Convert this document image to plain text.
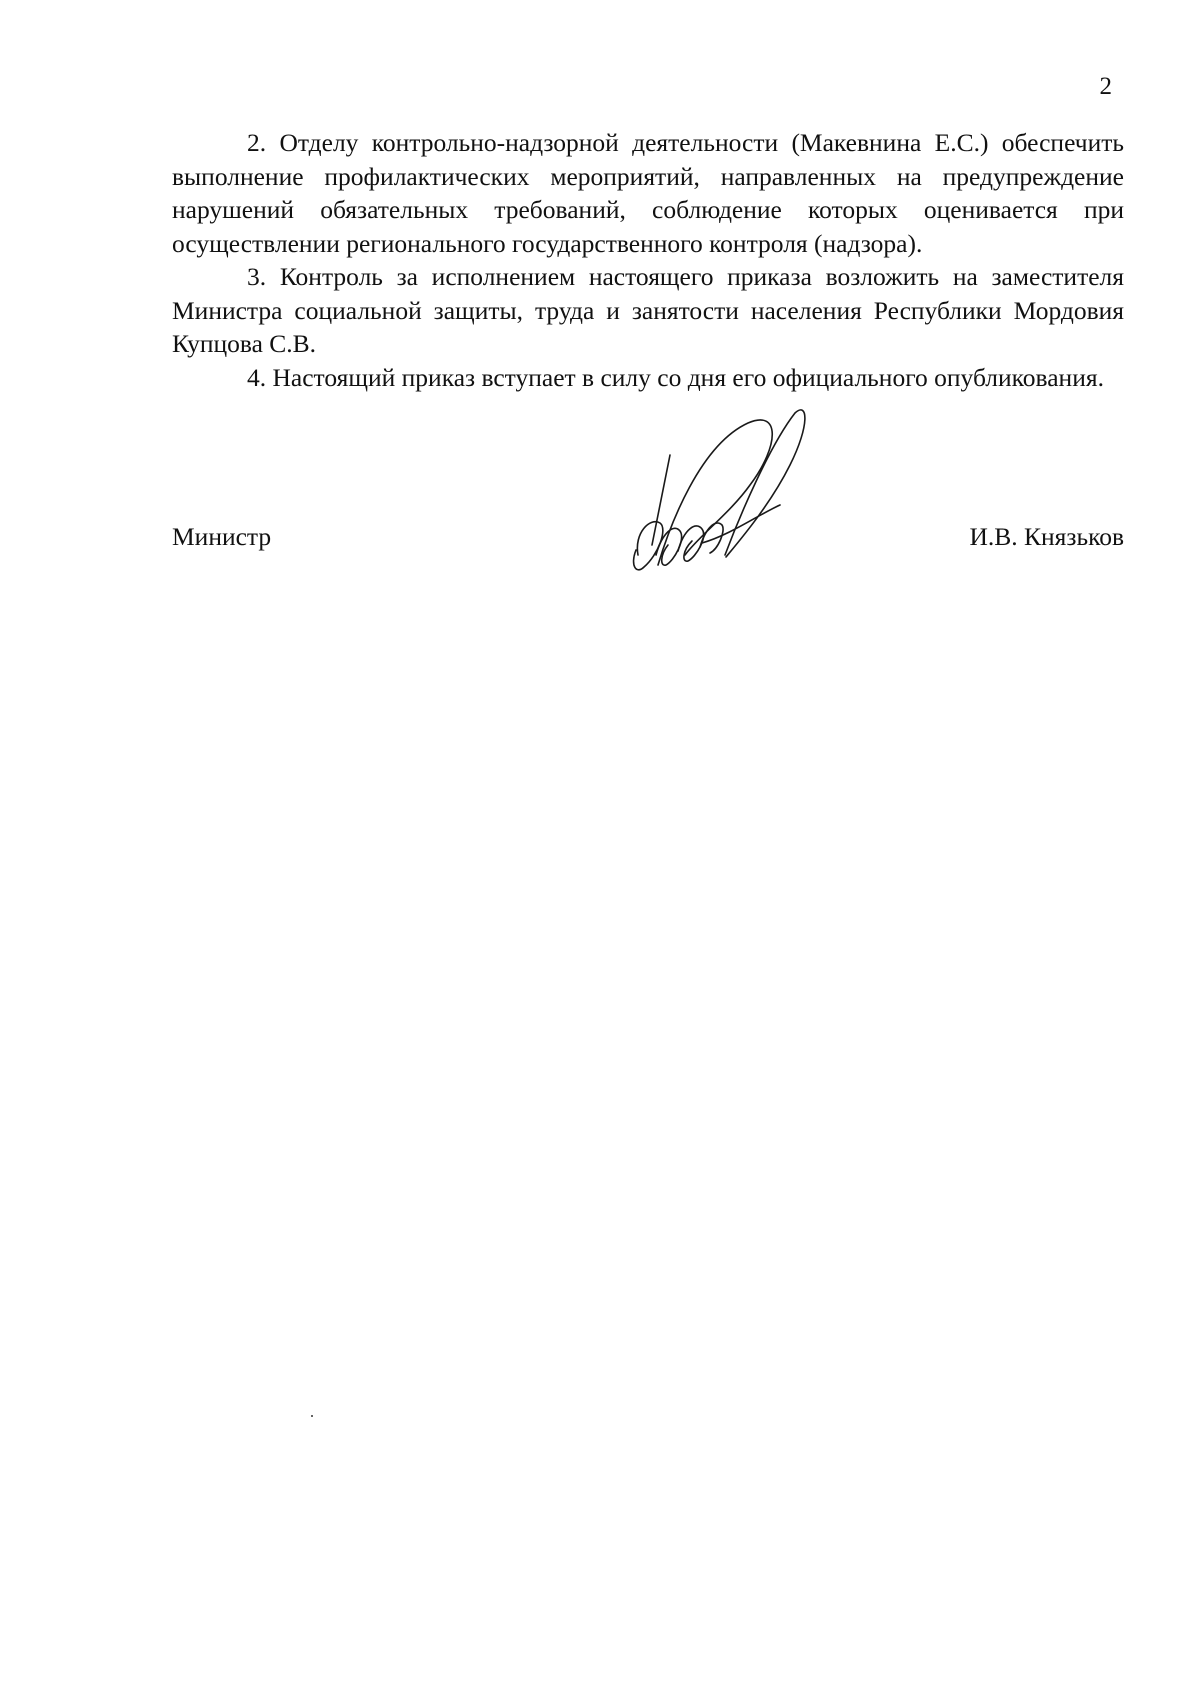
2

2. Отделу контрольно-надзорной деятельности (Макевнина Е.С.) обеспечить выполнение профилактических мероприятий, направленных на предупреждение нарушений обязательных требований, соблюдение которых оценивается при осуществлении регионального государственного контроля (надзора).

3. Контроль за исполнением настоящего приказа возложить на заместителя Министра социальной защиты, труда и занятости населения Республики Мордовия Купцова С.В.

4. Настоящий приказ вступает в силу со дня его официального опубликования.

Министр	И.В. Князьков
